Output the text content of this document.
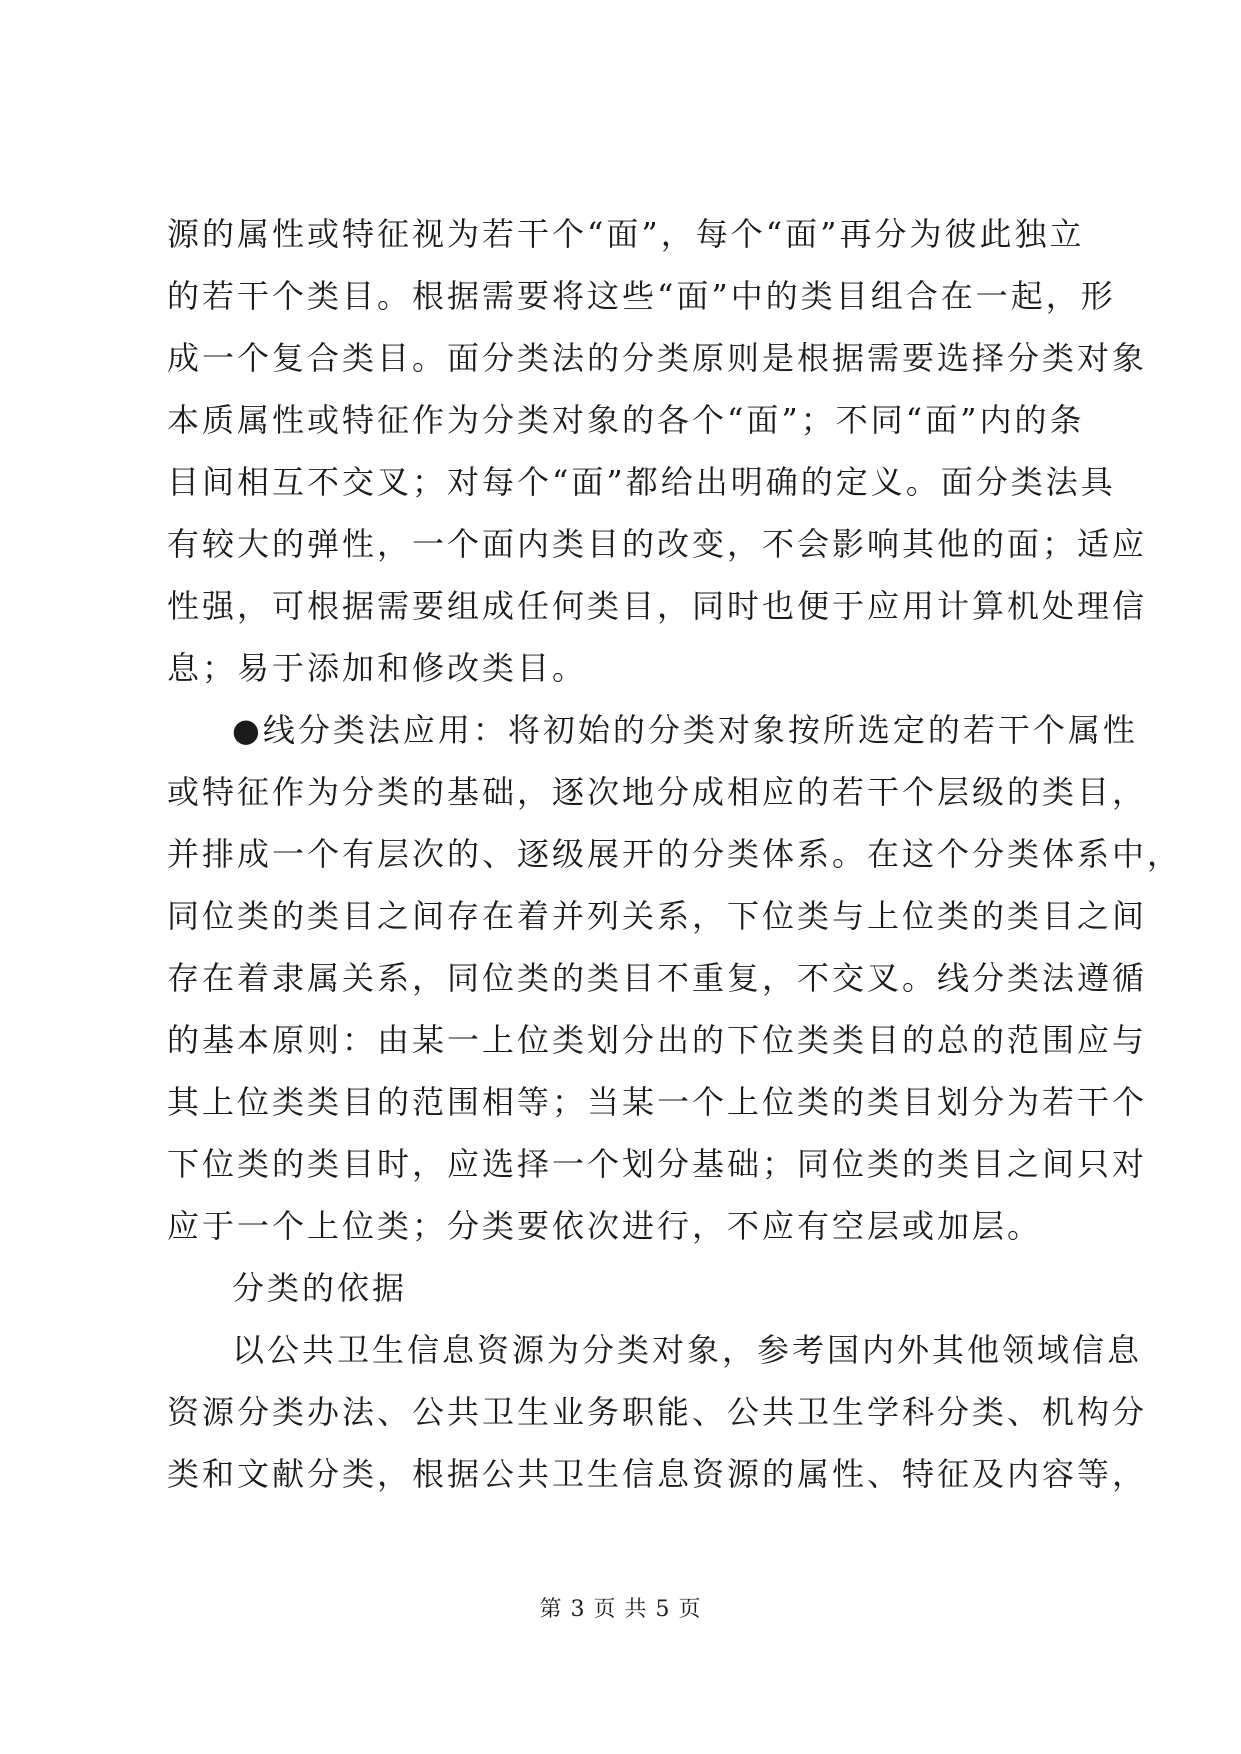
源的属性或特征视为若干个“面”，每个“面”再分为彼此独立
的若干个类目。根据需要将这些“面”中的类目组合在一起，形
成一个复合类目。面分类法的分类原则是根据需要选择分类对象
本质属性或特征作为分类对象的各个“面”；不同“面”内的条
目间相互不交叉；对每个“面”都给出明确的定义。面分类法具
有较大的弹性，一个面内类目的改变，不会影响其他的面；适应
性强，可根据需要组成任何类目，同时也便于应用计算机处理信
息；易于添加和修改类目。
●线分类法应用：将初始的分类对象按所选定的若干个属性
或特征作为分类的基础，逐次地分成相应的若干个层级的类目，
并排成一个有层次的、逐级展开的分类体系。在这个分类体系中，
同位类的类目之间存在着并列关系，下位类与上位类的类目之间
存在着隶属关系，同位类的类目不重复，不交叉。线分类法遵循
的基本原则：由某一上位类划分出的下位类类目的总的范围应与
其上位类类目的范围相等；当某一个上位类的类目划分为若干个
下位类的类目时，应选择一个划分基础；同位类的类目之间只对
应于一个上位类；分类要依次进行，不应有空层或加层。
分类的依据
以公共卫生信息资源为分类对象，参考国内外其他领域信息
资源分类办法、公共卫生业务职能、公共卫生学科分类、机构分
类和文献分类，根据公共卫生信息资源的属性、特征及内容等，
第 3 页 共 5 页
